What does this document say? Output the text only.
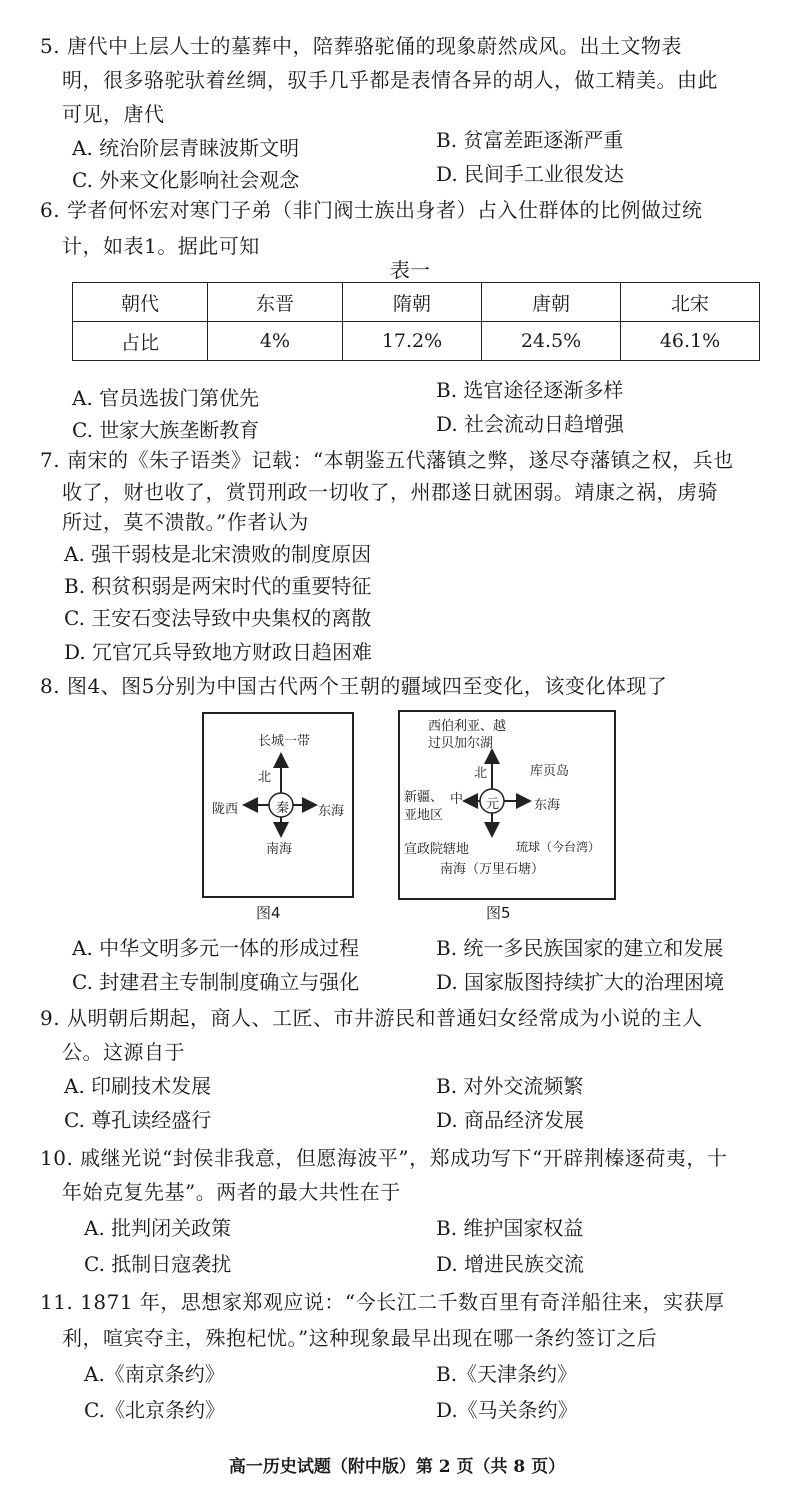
5. 唐代中上层人士的墓葬中，陪葬骆驼俑的现象蔚然成风。出土文物表
明，很多骆驼驮着丝绸，驭手几乎都是表情各异的胡人，做工精美。由此
可见，唐代
A. 统治阶层青睐波斯文明	B. 贫富差距逐渐严重
C. 外来文化影响社会观念	D. 民间手工业很发达
6. 学者何怀宏对寒门子弟（非门阀士族出身者）占入仕群体的比例做过统
计，如表1。据此可知
表一
朝代	东晋	隋朝	唐朝	北宋
占比	4%	17.2%	24.5%	46.1%
A. 官员选拔门第优先	B. 选官途径逐渐多样
C. 世家大族垄断教育	D. 社会流动日趋增强
7. 南宋的《朱子语类》记载：“本朝鉴五代藩镇之弊，遂尽夺藩镇之权，兵也
收了，财也收了，赏罚刑政一切收了，州郡遂日就困弱。靖康之祸，虏骑
所过，莫不溃散。”作者认为
A. 强干弱枝是北宋溃败的制度原因
B. 积贫积弱是两宋时代的重要特征
C. 王安石变法导致中央集权的离散
D. 冗官冗兵导致地方财政日趋困难
8. 图4、图5分别为中国古代两个王朝的疆域四至变化，该变化体现了
长城一带
北
陇西	东海
南海
秦
图4
西伯利亚、越
过贝加尔湖
北	库页岛
新疆、
亚地区
中	东海
元
宣政院辖地	琉球（今台湾）
南海（万里石塘）
图5
A. 中华文明多元一体的形成过程	B. 统一多民族国家的建立和发展
C. 封建君主专制制度确立与强化	D. 国家版图持续扩大的治理困境
9. 从明朝后期起，商人、工匠、市井游民和普通妇女经常成为小说的主人
公。这源自于
A. 印刷技术发展	B. 对外交流频繁
C. 尊孔读经盛行	D. 商品经济发展
10. 戚继光说“封侯非我意，但愿海波平”，郑成功写下“开辟荆榛逐荷夷，十
年始克复先基”。两者的最大共性在于
A. 批判闭关政策	B. 维护国家权益
C. 抵制日寇袭扰	D. 增进民族交流
11. 1871 年，思想家郑观应说：“今长江二千数百里有奇洋船往来，实获厚
利，喧宾夺主，殊抱杞忧。”这种现象最早出现在哪一条约签订之后
A.《南京条约》	B.《天津条约》
C.《北京条约》	D.《马关条约》
高一历史试题（附中版）第 2 页（共 8 页）
